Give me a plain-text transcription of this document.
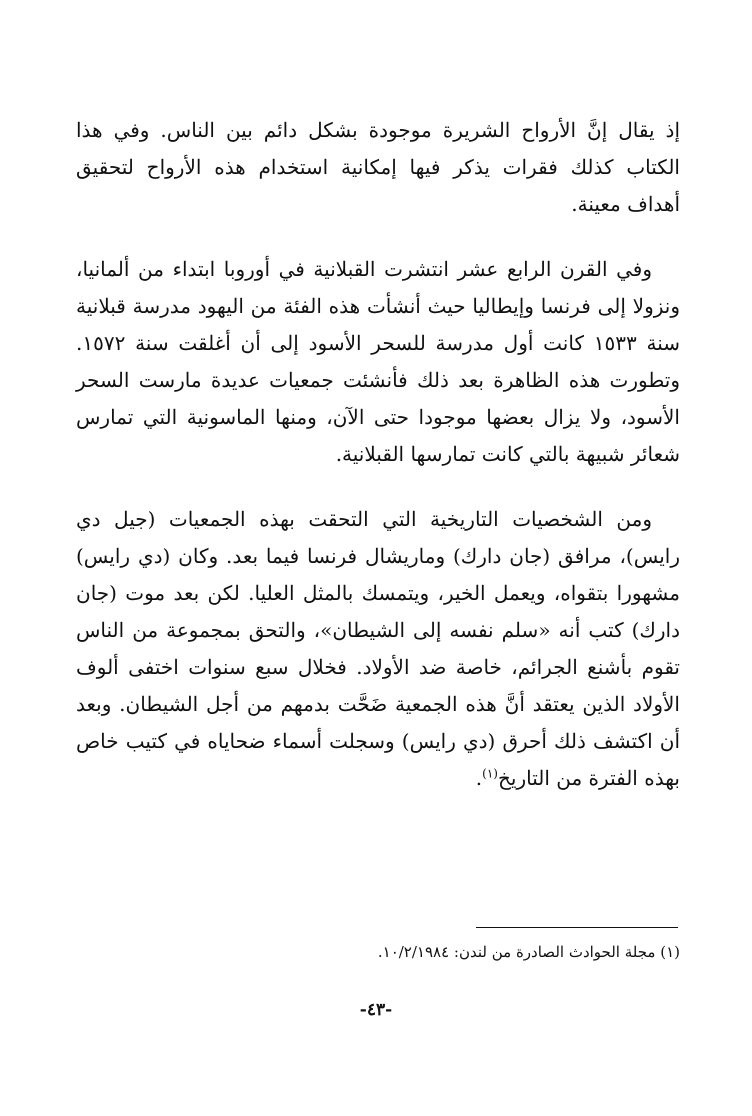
إذ يقال إنَّ الأرواح الشريرة موجودة بشكل دائم بين الناس. وفي هذا الكتاب كذلك فقرات يذكر فيها إمكانية استخدام هذه الأرواح لتحقيق أهداف معينة.

وفي القرن الرابع عشر انتشرت القبلانية في أوروبا ابتداء من ألمانيا، ونزولا إلى فرنسا وإيطاليا حيث أنشأت هذه الفئة من اليهود مدرسة قبلانية سنة ١٥٣٣ كانت أول مدرسة للسحر الأسود إلى أن أغلقت سنة ١٥٧٢. وتطورت هذه الظاهرة بعد ذلك فأنشئت جمعيات عديدة مارست السحر الأسود، ولا يزال بعضها موجودا حتى الآن، ومنها الماسونية التي تمارس شعائر شبيهة بالتي كانت تمارسها القبلانية.

ومن الشخصيات التاريخية التي التحقت بهذه الجمعيات (جيل دي رايس)، مرافق (جان دارك) وماريشال فرنسا فيما بعد. وكان (دي رايس) مشهورا بتقواه، ويعمل الخير، ويتمسك بالمثل العليا. لكن بعد موت (جان دارك) كتب أنه «سلم نفسه إلى الشيطان»، والتحق بمجموعة من الناس تقوم بأشنع الجرائم، خاصة ضد الأولاد. فخلال سبع سنوات اختفى ألوف الأولاد الذين يعتقد أنَّ هذه الجمعية ضَحَّت بدمهم من أجل الشيطان. وبعد أن اكتشف ذلك أحرق (دي رايس) وسجلت أسماء ضحاياه في كتيب خاص بهذه الفترة من التاريخ$^{(١)}$.

(١) مجلة الحوادث الصادرة من لندن: ١٠/٢/١٩٨٤.
-٤٣-
